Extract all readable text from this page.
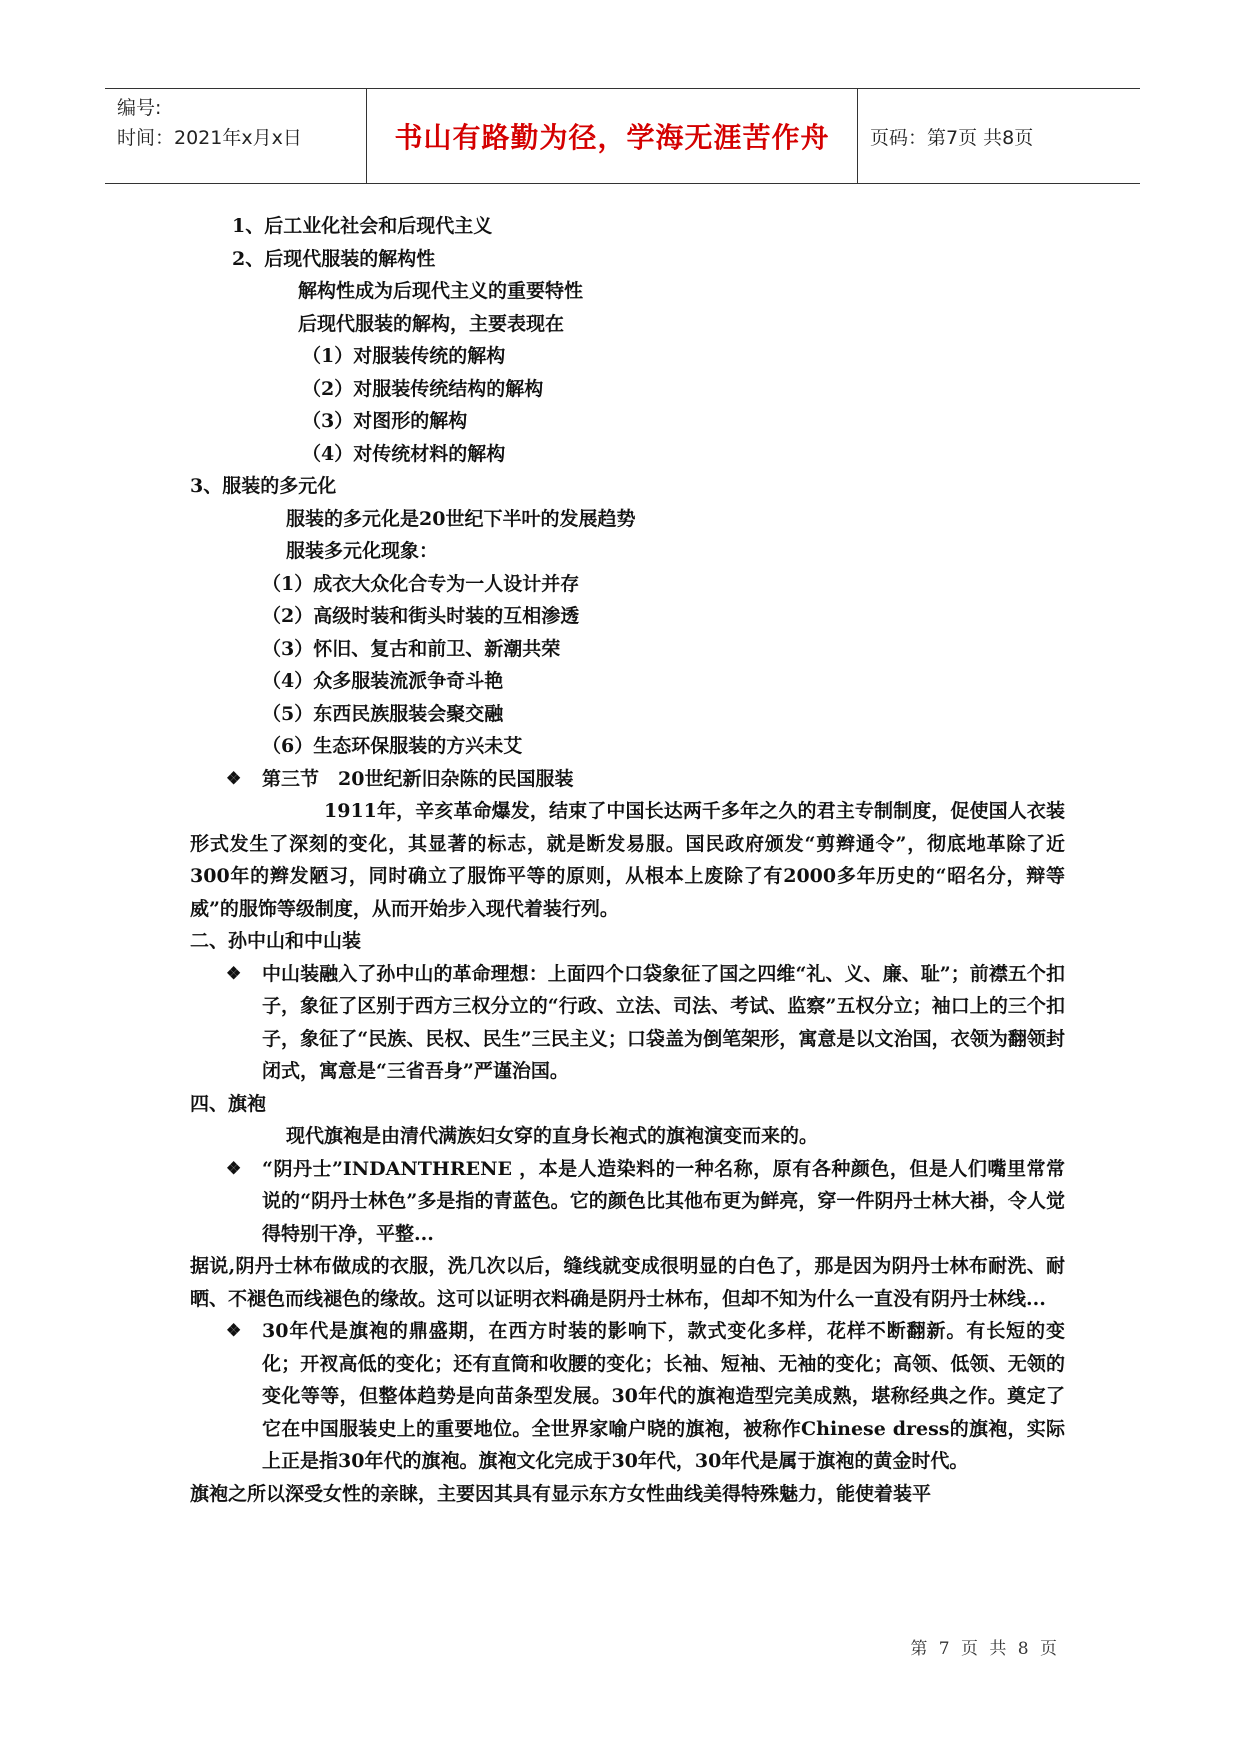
编号:
时间：2021年x月x日	书山有路勤为径，学海无涯苦作舟	页码：第7页 共8页
1、后工业化社会和后现代主义
2、后现代服装的解构性
解构性成为后现代主义的重要特性
后现代服装的解构，主要表现在
（1）对服装传统的解构
（2）对服装传统结构的解构
（3）对图形的解构
（4）对传统材料的解构
3、服装的多元化
服装的多元化是20世纪下半叶的发展趋势
服装多元化现象：
（1）成衣大众化合专为一人设计并存
（2）高级时装和街头时装的互相渗透
（3）怀旧、复古和前卫、新潮共荣
（4）众多服装流派争奇斗艳
（5）东西民族服装会聚交融
（6）生态环保服装的方兴未艾
❖ 第三节　20世纪新旧杂陈的民国服装
1911年，辛亥革命爆发，结束了中国长达两千多年之久的君主专制制度，促使国人衣装形式发生了深刻的变化，其显著的标志，就是断发易服。国民政府颁发“剪辫通令”，彻底地革除了近300年的辫发陋习，同时确立了服饰平等的原则，从根本上废除了有2000多年历史的“昭名分，辩等威”的服饰等级制度，从而开始步入现代着装行列。
二、孙中山和中山装
❖ 中山装融入了孙中山的革命理想：上面四个口袋象征了国之四维“礼、义、廉、耻”；前襟五个扣子，象征了区别于西方三权分立的“行政、立法、司法、考试、监察”五权分立；袖口上的三个扣子，象征了“民族、民权、民生”三民主义；口袋盖为倒笔架形，寓意是以文治国，衣领为翻领封闭式，寓意是“三省吾身”严谨治国。
四、旗袍
现代旗袍是由清代满族妇女穿的直身长袍式的旗袍演变而来的。
❖ “阴丹士”INDANTHRENE ，本是人造染料的一种名称，原有各种颜色，但是人们嘴里常常说的“阴丹士林色”多是指的青蓝色。它的颜色比其他布更为鲜亮，穿一件阴丹士林大褂，令人觉得特别干净，平整...
据说,阴丹士林布做成的衣服，洗几次以后，缝线就变成很明显的白色了，那是因为阴丹士林布耐洗、耐晒、不褪色而线褪色的缘故。这可以证明衣料确是阴丹士林布，但却不知为什么一直没有阴丹士林线...
❖ 30年代是旗袍的鼎盛期，在西方时装的影响下，款式变化多样，花样不断翻新。有长短的变化；开衩高低的变化；还有直筒和收腰的变化；长袖、短袖、无袖的变化；高领、低领、无领的变化等等，但整体趋势是向苗条型发展。30年代的旗袍造型完美成熟，堪称经典之作。奠定了它在中国服装史上的重要地位。全世界家喻户晓的旗袍，被称作Chinese dress的旗袍，实际上正是指30年代的旗袍。旗袍文化完成于30年代，30年代是属于旗袍的黄金时代。
旗袍之所以深受女性的亲睐，主要因其具有显示东方女性曲线美得特殊魅力，能使着装平
第 7 页 共 8 页
